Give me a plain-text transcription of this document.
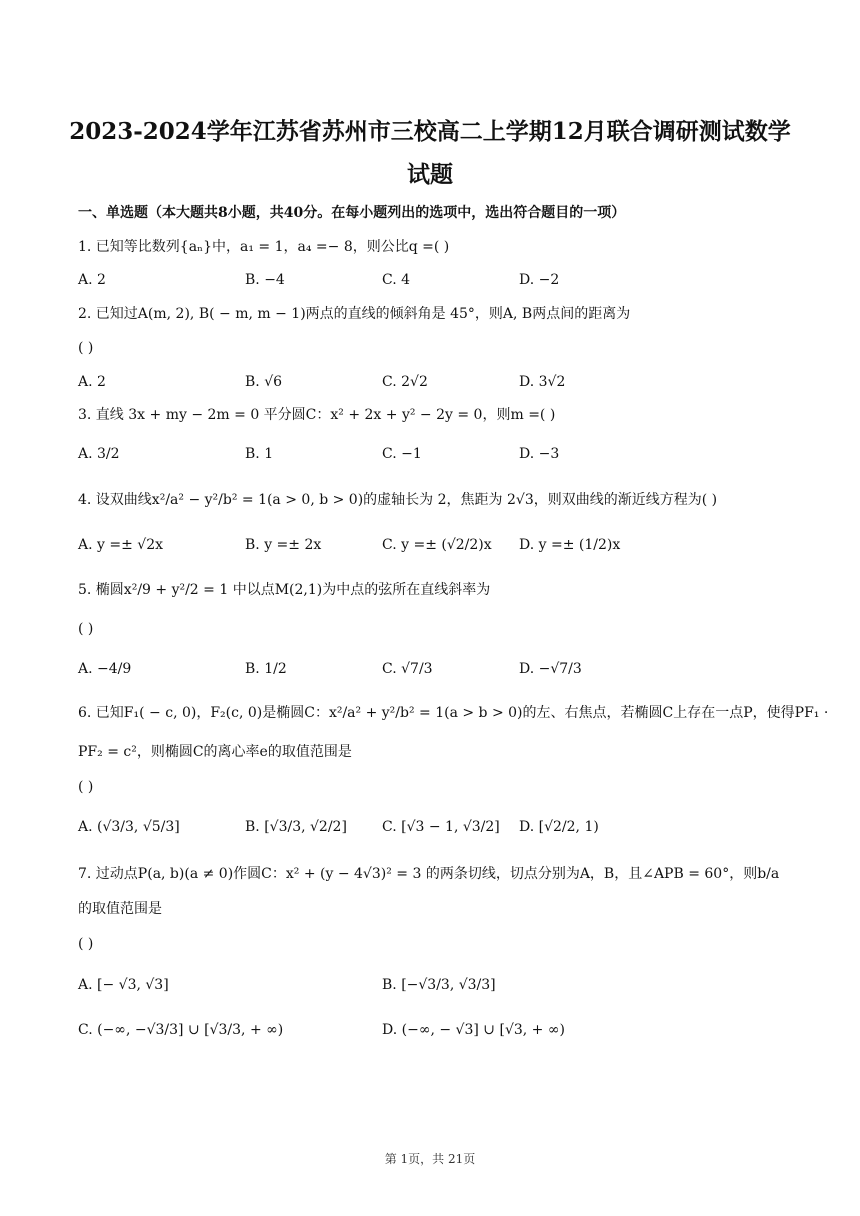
2023-2024学年江苏省苏州市三校高二上学期12月联合调研测试数学
试题
一、单选题（本大题共8小题，共40分。在每小题列出的选项中，选出符合题目的一项）
1. 已知等比数列{aₙ}中，a₁ = 1，a₄ =− 8，则公比q =( )
A. 2	B. −4	C. 4	D. −2
2. 已知过A(m, 2), B( − m, m − 1)两点的直线的倾斜角是 45°，则A, B两点间的距离为
( )
A. 2	B. √6	C. 2√2	D. 3√2
3. 直线 3x + my − 2m = 0 平分圆C：x² + 2x + y² − 2y = 0，则m =( )
A. 3/2	B. 1	C. −1	D. −3
4. 设双曲线x²/a² − y²/b² = 1(a > 0, b > 0)的虚轴长为 2，焦距为 2√3，则双曲线的渐近线方程为( )
A. y =± √2x	B. y =± 2x	C. y =± (√2/2)x D. y =± (1/2)x
5. 椭圆x²/9 + y²/2 = 1 中以点M(2,1)为中点的弦所在直线斜率为
( )
A. −4/9	B. 1/2	C. √7/3	D. −√7/3
6. 已知F₁( − c, 0)，F₂(c, 0)是椭圆C：x²/a² + y²/b² = 1(a > b > 0)的左、右焦点，若椭圆C上存在一点P，使得PF₁ ·
PF₂ = c²，则椭圆C的离心率e的取值范围是
( )
A. (√3/3, √5/3]	B. [√3/3, √2/2]	C. [√3 − 1, √3/2] D. [√2/2, 1)
7. 过动点P(a, b)(a ≠ 0)作圆C：x² + (y − 4√3)² = 3 的两条切线，切点分别为A，B，且∠APB = 60°，则b/a
的取值范围是
( )
A. [− √3, √3]	B. [−√3/3, √3/3]
C. (−∞, −√3/3] ∪ [√3/3, + ∞)	D. (−∞, − √3] ∪ [√3, + ∞)
第 1页，共 21页
